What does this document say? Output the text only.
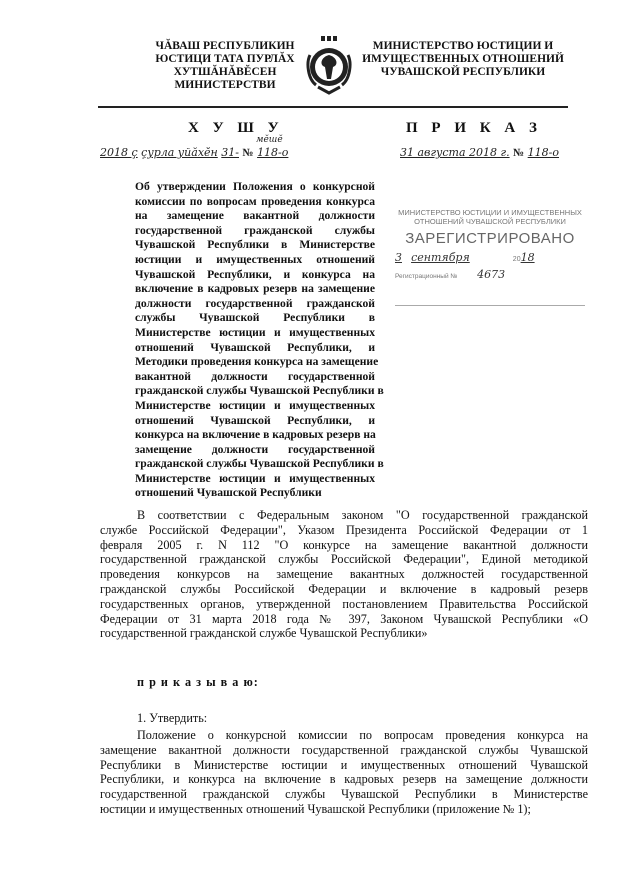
ЧĂВАШ РЕСПУБЛИКИН
ЮСТИЦИ ТАТА ПУРЛĂХ
ХУТШĂНĂВĔСЕН
МИНИСТЕРСТВИ
МИНИСТЕРСТВО ЮСТИЦИИ И
ИМУЩЕСТВЕННЫХ ОТНОШЕНИЙ
ЧУВАШСКОЙ РЕСПУБЛИКИ
Х У Ш У	П Р И К А З
2018 ç çурла уйăхĕн 31- № 118-о
мĕшĕ
31 августа 2018 г. № 118-о
Об утверждении Положения о конкурсной
комиссии по вопросам проведения конкурса
на замещение вакантной должности
государственной гражданской службы
Чувашской Республики в Министерстве
юстиции и имущественных отношений
Чувашской Республики, и конкурса на
включение в кадровых резерв на замещение
должности государственной гражданской
службы Чувашской Республики в
Министерстве юстиции и имущественных
отношений Чувашской Республики, и
Методики проведения конкурса на замещение
вакантной должности государственной
гражданской службы Чувашской Республики в
Министерстве юстиции и имущественных
отношений Чувашской Республики, и
конкурса на включение в кадровых резерв на
замещение должности государственной
гражданской службы Чувашской Республики в
Министерстве юстиции и имущественных
отношений Чувашской Республики
МИНИСТЕРСТВО ЮСТИЦИИ И ИМУЩЕСТВЕННЫХ
ОТНОШЕНИЙ ЧУВАШСКОЙ РЕСПУБЛИКИ
ЗАРЕГИСТРИРОВАНО
3 сентября	2018
Регистрационный № 4673
В соответствии с Федеральным законом "О государственной гражданской
службе Российской Федерации", Указом Президента Российской Федерации от 1
февраля 2005 г. N 112 "О конкурсе на замещение вакантной должности
государственной гражданской службы Российской Федерации", Единой методикой
проведения конкурсов на замещение вакантных должностей государственной
гражданской службы Российской Федерации и включение в кадровый резерв
государственных органов, утвержденной постановлением Правительства Российской
Федерации от 31 марта 2018 года № 397, Законом Чувашской Республики «О
государственной гражданской службе Чувашской Республики»
п р и к а з ы в а ю:
1. Утвердить:
Положение о конкурсной комиссии по вопросам проведения конкурса на
замещение вакантной должности государственной гражданской службы Чувашской
Республики в Министерстве юстиции и имущественных отношений Чувашской
Республики, и конкурса на включение в кадровых резерв на замещение должности
государственной гражданской службы Чувашской Республики в Министерстве
юстиции и имущественных отношений Чувашской Республики (приложение № 1);
